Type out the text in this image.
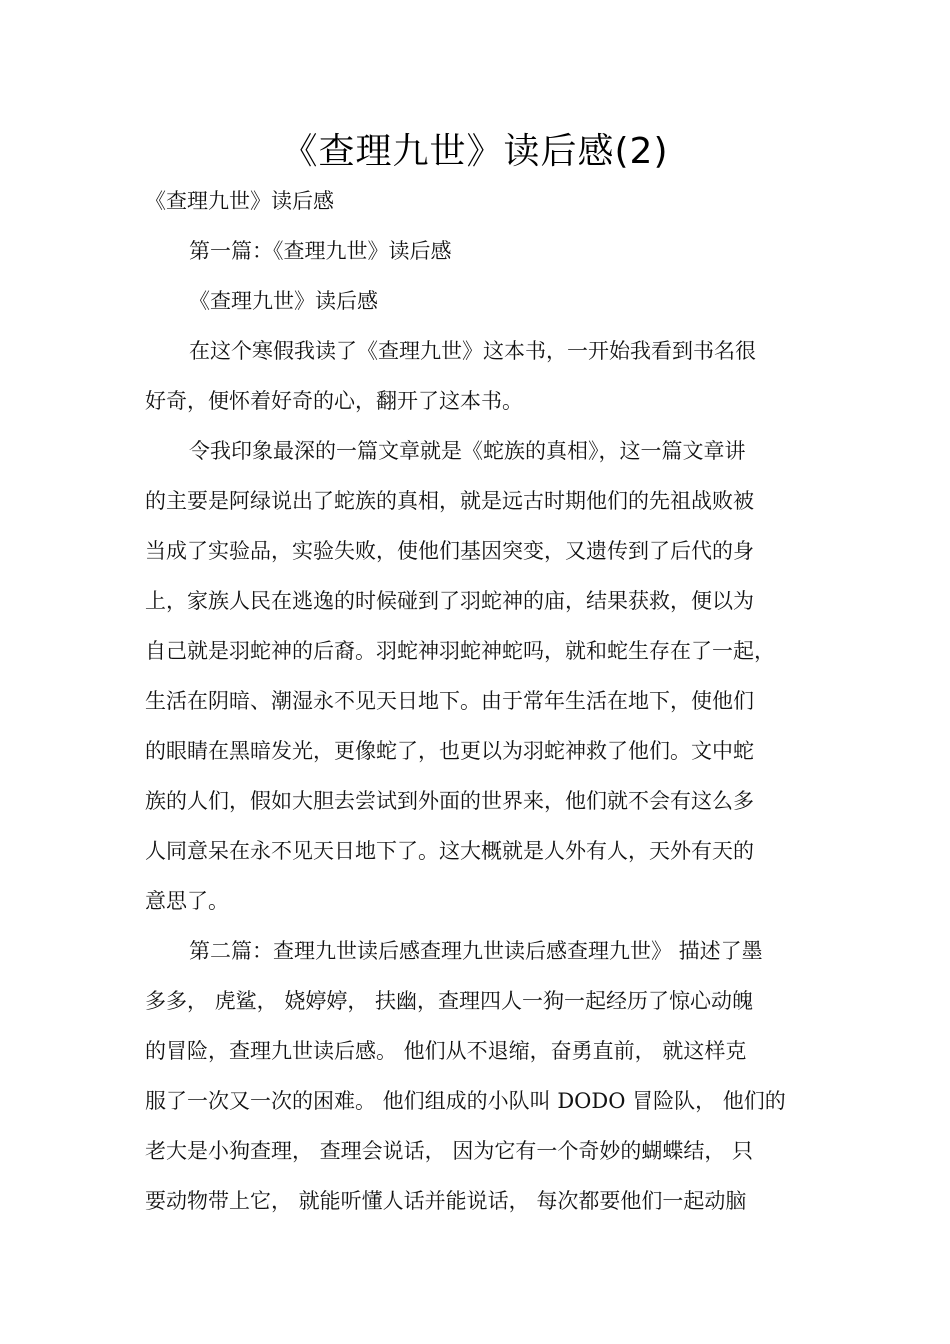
《查理九世》读后感(2)
《查理九世》读后感
第一篇：《查理九世》读后感
《查理九世》读后感
在这个寒假我读了《查理九世》这本书，一开始我看到书名很
好奇，便怀着好奇的心，翻开了这本书。
令我印象最深的一篇文章就是《蛇族的真相》，这一篇文章讲
的主要是阿绿说出了蛇族的真相，就是远古时期他们的先祖战败被
当成了实验品，实验失败，使他们基因突变，又遗传到了后代的身
上，家族人民在逃逸的时候碰到了羽蛇神的庙，结果获救，便以为
自己就是羽蛇神的后裔。羽蛇神羽蛇神蛇吗，就和蛇生存在了一起，
生活在阴暗、潮湿永不见天日地下。由于常年生活在地下，使他们
的眼睛在黑暗发光，更像蛇了，也更以为羽蛇神救了他们。文中蛇
族的人们，假如大胆去尝试到外面的世界来，他们就不会有这么多
人同意呆在永不见天日地下了。这大概就是人外有人，天外有天的
意思了。
第二篇：查理九世读后感查理九世读后感查理九世》 描述了墨
多多， 虎鲨， 娆婷婷， 扶幽，查理四人一狗一起经历了惊心动魄
的冒险，查理九世读后感。 他们从不退缩，奋勇直前， 就这样克
服了一次又一次的困难。 他们组成的小队叫 DODO 冒险队， 他们的
老大是小狗查理， 查理会说话， 因为它有一个奇妙的蝴蝶结， 只
要动物带上它， 就能听懂人话并能说话， 每次都要他们一起动脑
